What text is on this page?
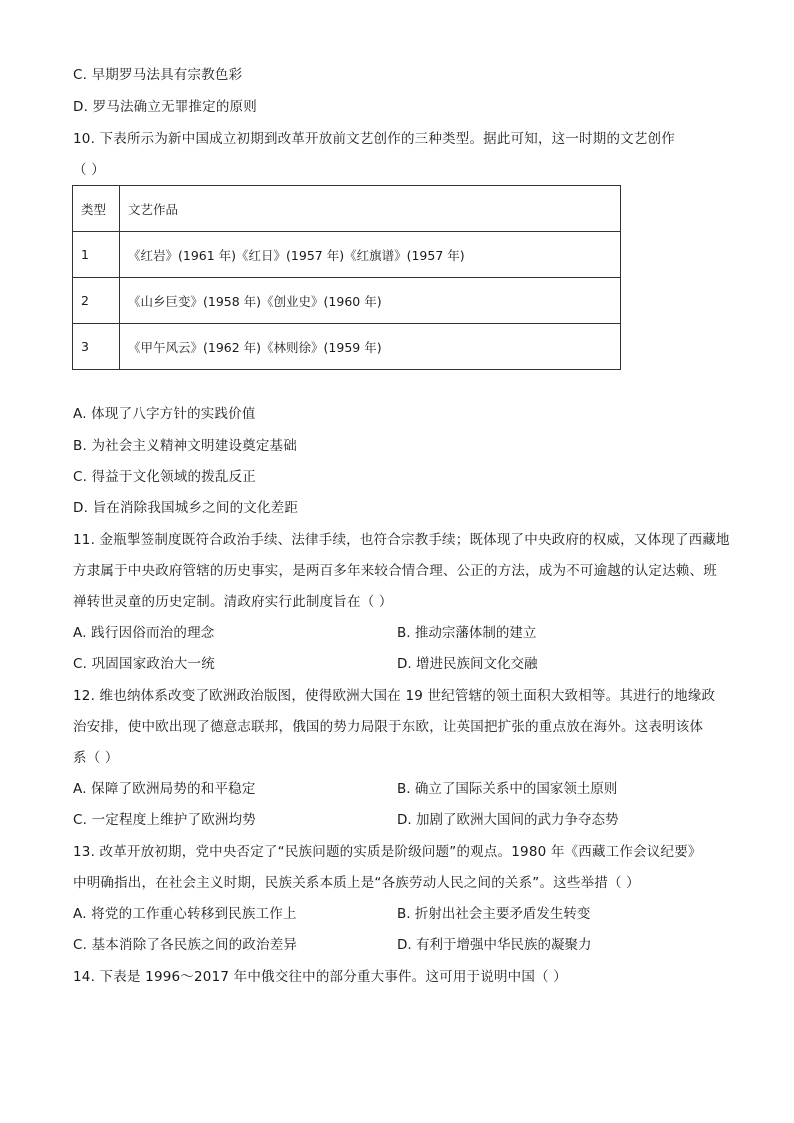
C. 早期罗马法具有宗教色彩
D. 罗马法确立无罪推定的原则
10. 下表所示为新中国成立初期到改革开放前文艺创作的三种类型。据此可知，这一时期的文艺创作
（ ）
类型	文艺作品
1	《红岩》(1961 年)《红日》(1957 年)《红旗谱》(1957 年)
2	《山乡巨变》(1958 年)《创业史》(1960 年)
3	《甲午风云》(1962 年)《林则徐》(1959 年)
A. 体现了八字方针的实践价值
B. 为社会主义精神文明建设奠定基础
C. 得益于文化领域的拨乱反正
D. 旨在消除我国城乡之间的文化差距
11. 金瓶掣签制度既符合政治手续、法律手续，也符合宗教手续；既体现了中央政府的权威，又体现了西藏地
方隶属于中央政府管辖的历史事实，是两百多年来较合情合理、公正的方法，成为不可逾越的认定达赖、班
禅转世灵童的历史定制。清政府实行此制度旨在（ ）
A. 践行因俗而治的理念	B. 推动宗藩体制的建立
C. 巩固国家政治大一统	D. 增进民族间文化交融
12. 维也纳体系改变了欧洲政治版图，使得欧洲大国在 19 世纪管辖的领土面积大致相等。其进行的地缘政
治安排，使中欧出现了德意志联邦，俄国的势力局限于东欧，让英国把扩张的重点放在海外。这表明该体
系（ ）
A. 保障了欧洲局势的和平稳定	B. 确立了国际关系中的国家领土原则
C. 一定程度上维护了欧洲均势	D. 加剧了欧洲大国间的武力争夺态势
13. 改革开放初期，党中央否定了“民族问题的实质是阶级问题”的观点。1980 年《西藏工作会议纪要》
中明确指出，在社会主义时期，民族关系本质上是“各族劳动人民之间的关系”。这些举措（ ）
A. 将党的工作重心转移到民族工作上	B. 折射出社会主要矛盾发生转变
C. 基本消除了各民族之间的政治差异	D. 有利于增强中华民族的凝聚力
14. 下表是 1996～2017 年中俄交往中的部分重大事件。这可用于说明中国（ ）
